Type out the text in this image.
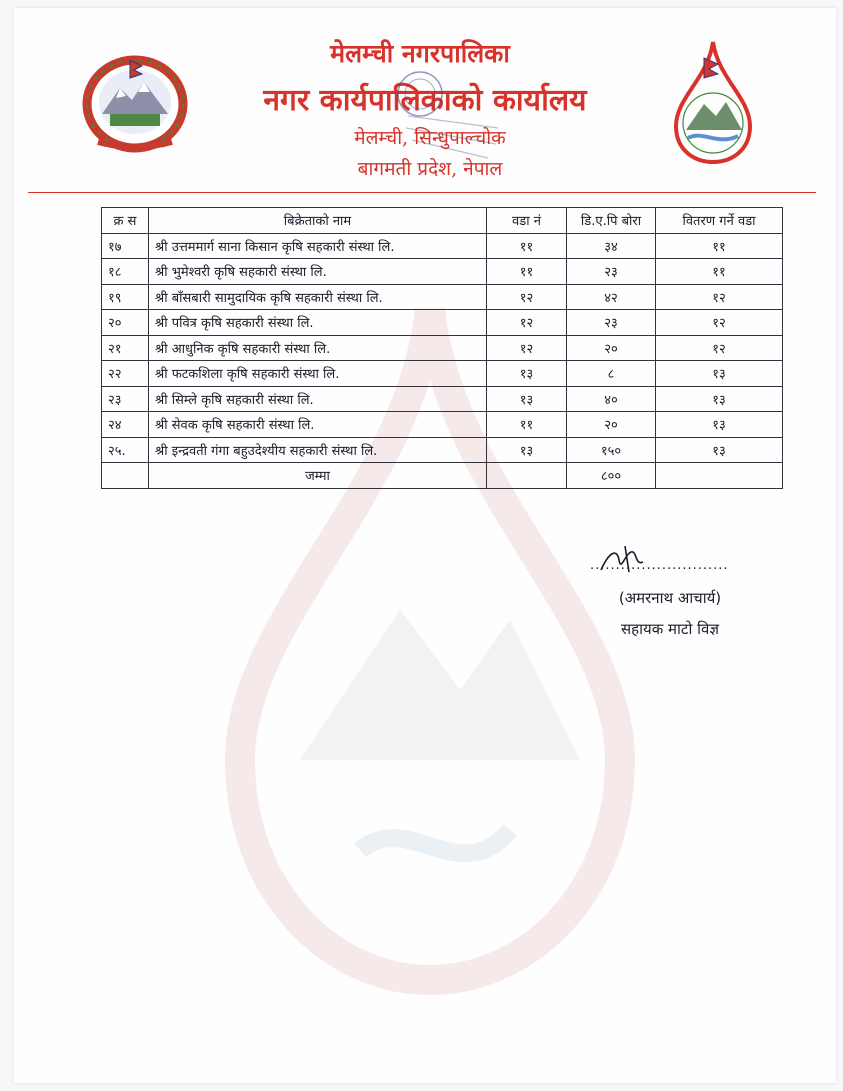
मेलम्ची नगरपालिका
नगर कार्यपालिकाको कार्यालय
मेलम्ची, सिन्धुपाल्चोक
बागमती प्रदेश, नेपाल
क्र स	बिक्रेताको नाम	वडा नं	डि.ए.पि बोरा	वितरण गर्ने वडा
१७	श्री उत्तममार्ग साना किसान कृषि सहकारी संस्था लि.	११	३४	११
१८	श्री भुमेश्वरी कृषि सहकारी संस्था लि.	११	२३	११
१९	श्री बाँसबारी सामुदायिक कृषि सहकारी संस्था लि.	१२	४२	१२
२०	श्री पवित्र कृषि सहकारी संस्था लि.	१२	२३	१२
२१	श्री आधुनिक कृषि सहकारी संस्था लि.	१२	२०	१२
२२	श्री फटकशिला कृषि सहकारी संस्था लि.	१३	८	१३
२३	श्री सिम्ले कृषि सहकारी संस्था लि.	१३	४०	१३
२४	श्री सेवक कृषि सहकारी संस्था लि.	११	२०	१३
२५.	श्री इन्द्रवती गंगा बहुउदेश्यीय सहकारी संस्था लि.	१३	१५०	१३
	जम्मा		८००	
...........................
(अमरनाथ आचार्य)
सहायक माटो विज्ञ
